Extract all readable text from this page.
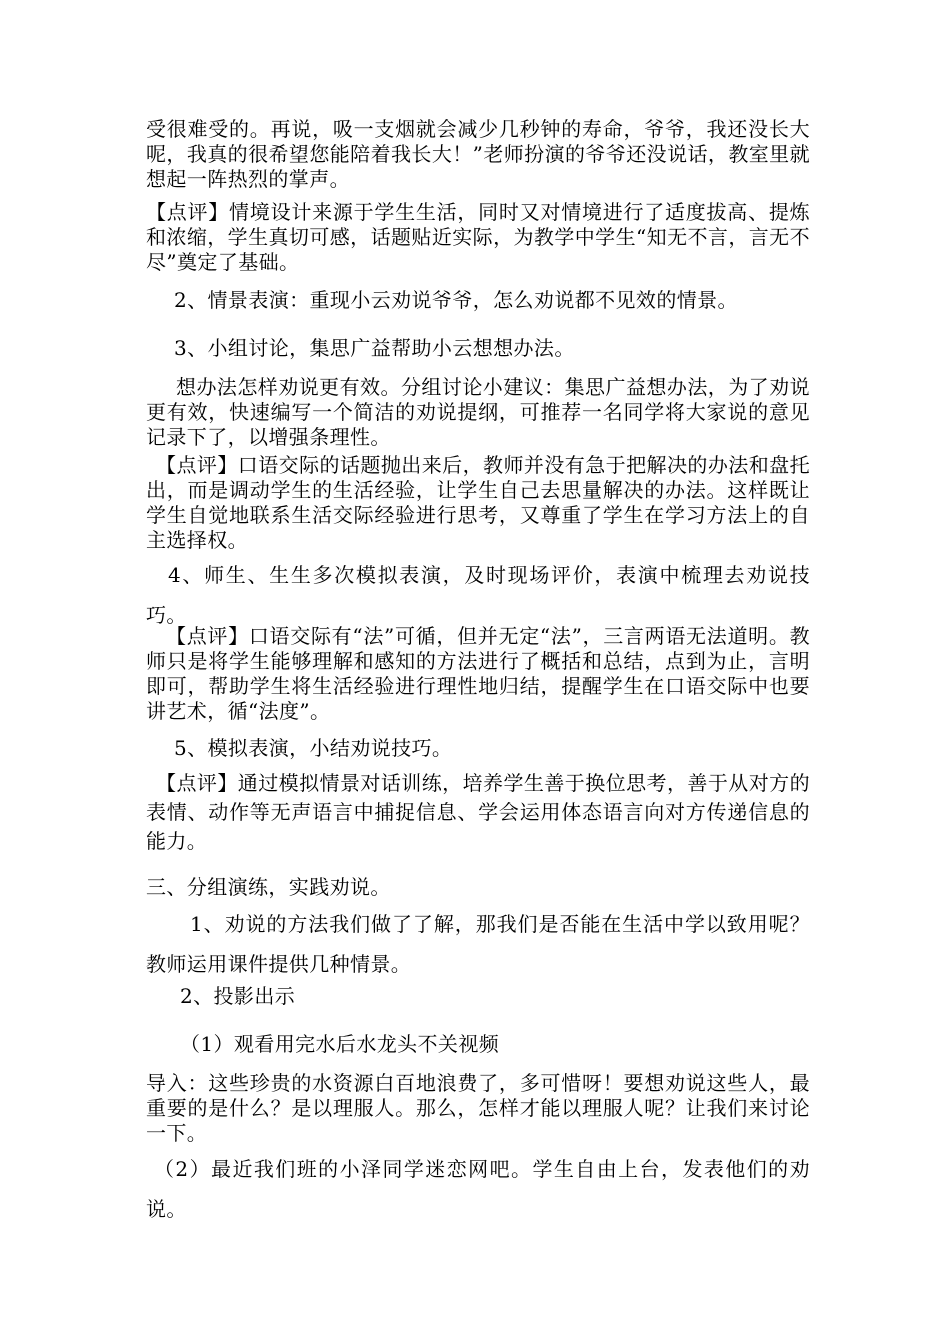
受很难受的。再说，吸一支烟就会减少几秒钟的寿命，爷爷，我还没长大呢，我真的很希望您能陪着我长大！”老师扮演的爷爷还没说话，教室里就想起一阵热烈的掌声。

【点评】情境设计来源于学生生活，同时又对情境进行了适度拔高、提炼和浓缩，学生真切可感，话题贴近实际，为教学中学生“知无不言，言无不尽”奠定了基础。

2、情景表演：重现小云劝说爷爷，怎么劝说都不见效的情景。

3、小组讨论，集思广益帮助小云想想办法。

想办法怎样劝说更有效。分组讨论小建议：集思广益想办法，为了劝说更有效，快速编写一个简洁的劝说提纲，可推荐一名同学将大家说的意见记录下了，以增强条理性。

【点评】口语交际的话题抛出来后，教师并没有急于把解决的办法和盘托出，而是调动学生的生活经验，让学生自己去思量解决的办法。这样既让学生自觉地联系生活交际经验进行思考，又尊重了学生在学习方法上的自主选择权。

4、师生、生生多次模拟表演，及时现场评价，表演中梳理去劝说技巧。

【点评】口语交际有“法”可循，但并无定“法”，三言两语无法道明。教师只是将学生能够理解和感知的方法进行了概括和总结，点到为止，言明即可，帮助学生将生活经验进行理性地归结，提醒学生在口语交际中也要讲艺术，循“法度”。

5、模拟表演，小结劝说技巧。

【点评】通过模拟情景对话训练，培养学生善于换位思考，善于从对方的表情、动作等无声语言中捕捉信息、学会运用体态语言向对方传递信息的能力。

三、分组演练，实践劝说。

1、劝说的方法我们做了了解，那我们是否能在生活中学以致用呢？教师运用课件提供几种情景。

2、投影出示

（1）观看用完水后水龙头不关视频

导入：这些珍贵的水资源白百地浪费了，多可惜呀！要想劝说这些人，最重要的是什么？是以理服人。那么，怎样才能以理服人呢？让我们来讨论一下。

（2）最近我们班的小泽同学迷恋网吧。学生自由上台，发表他们的劝说。
